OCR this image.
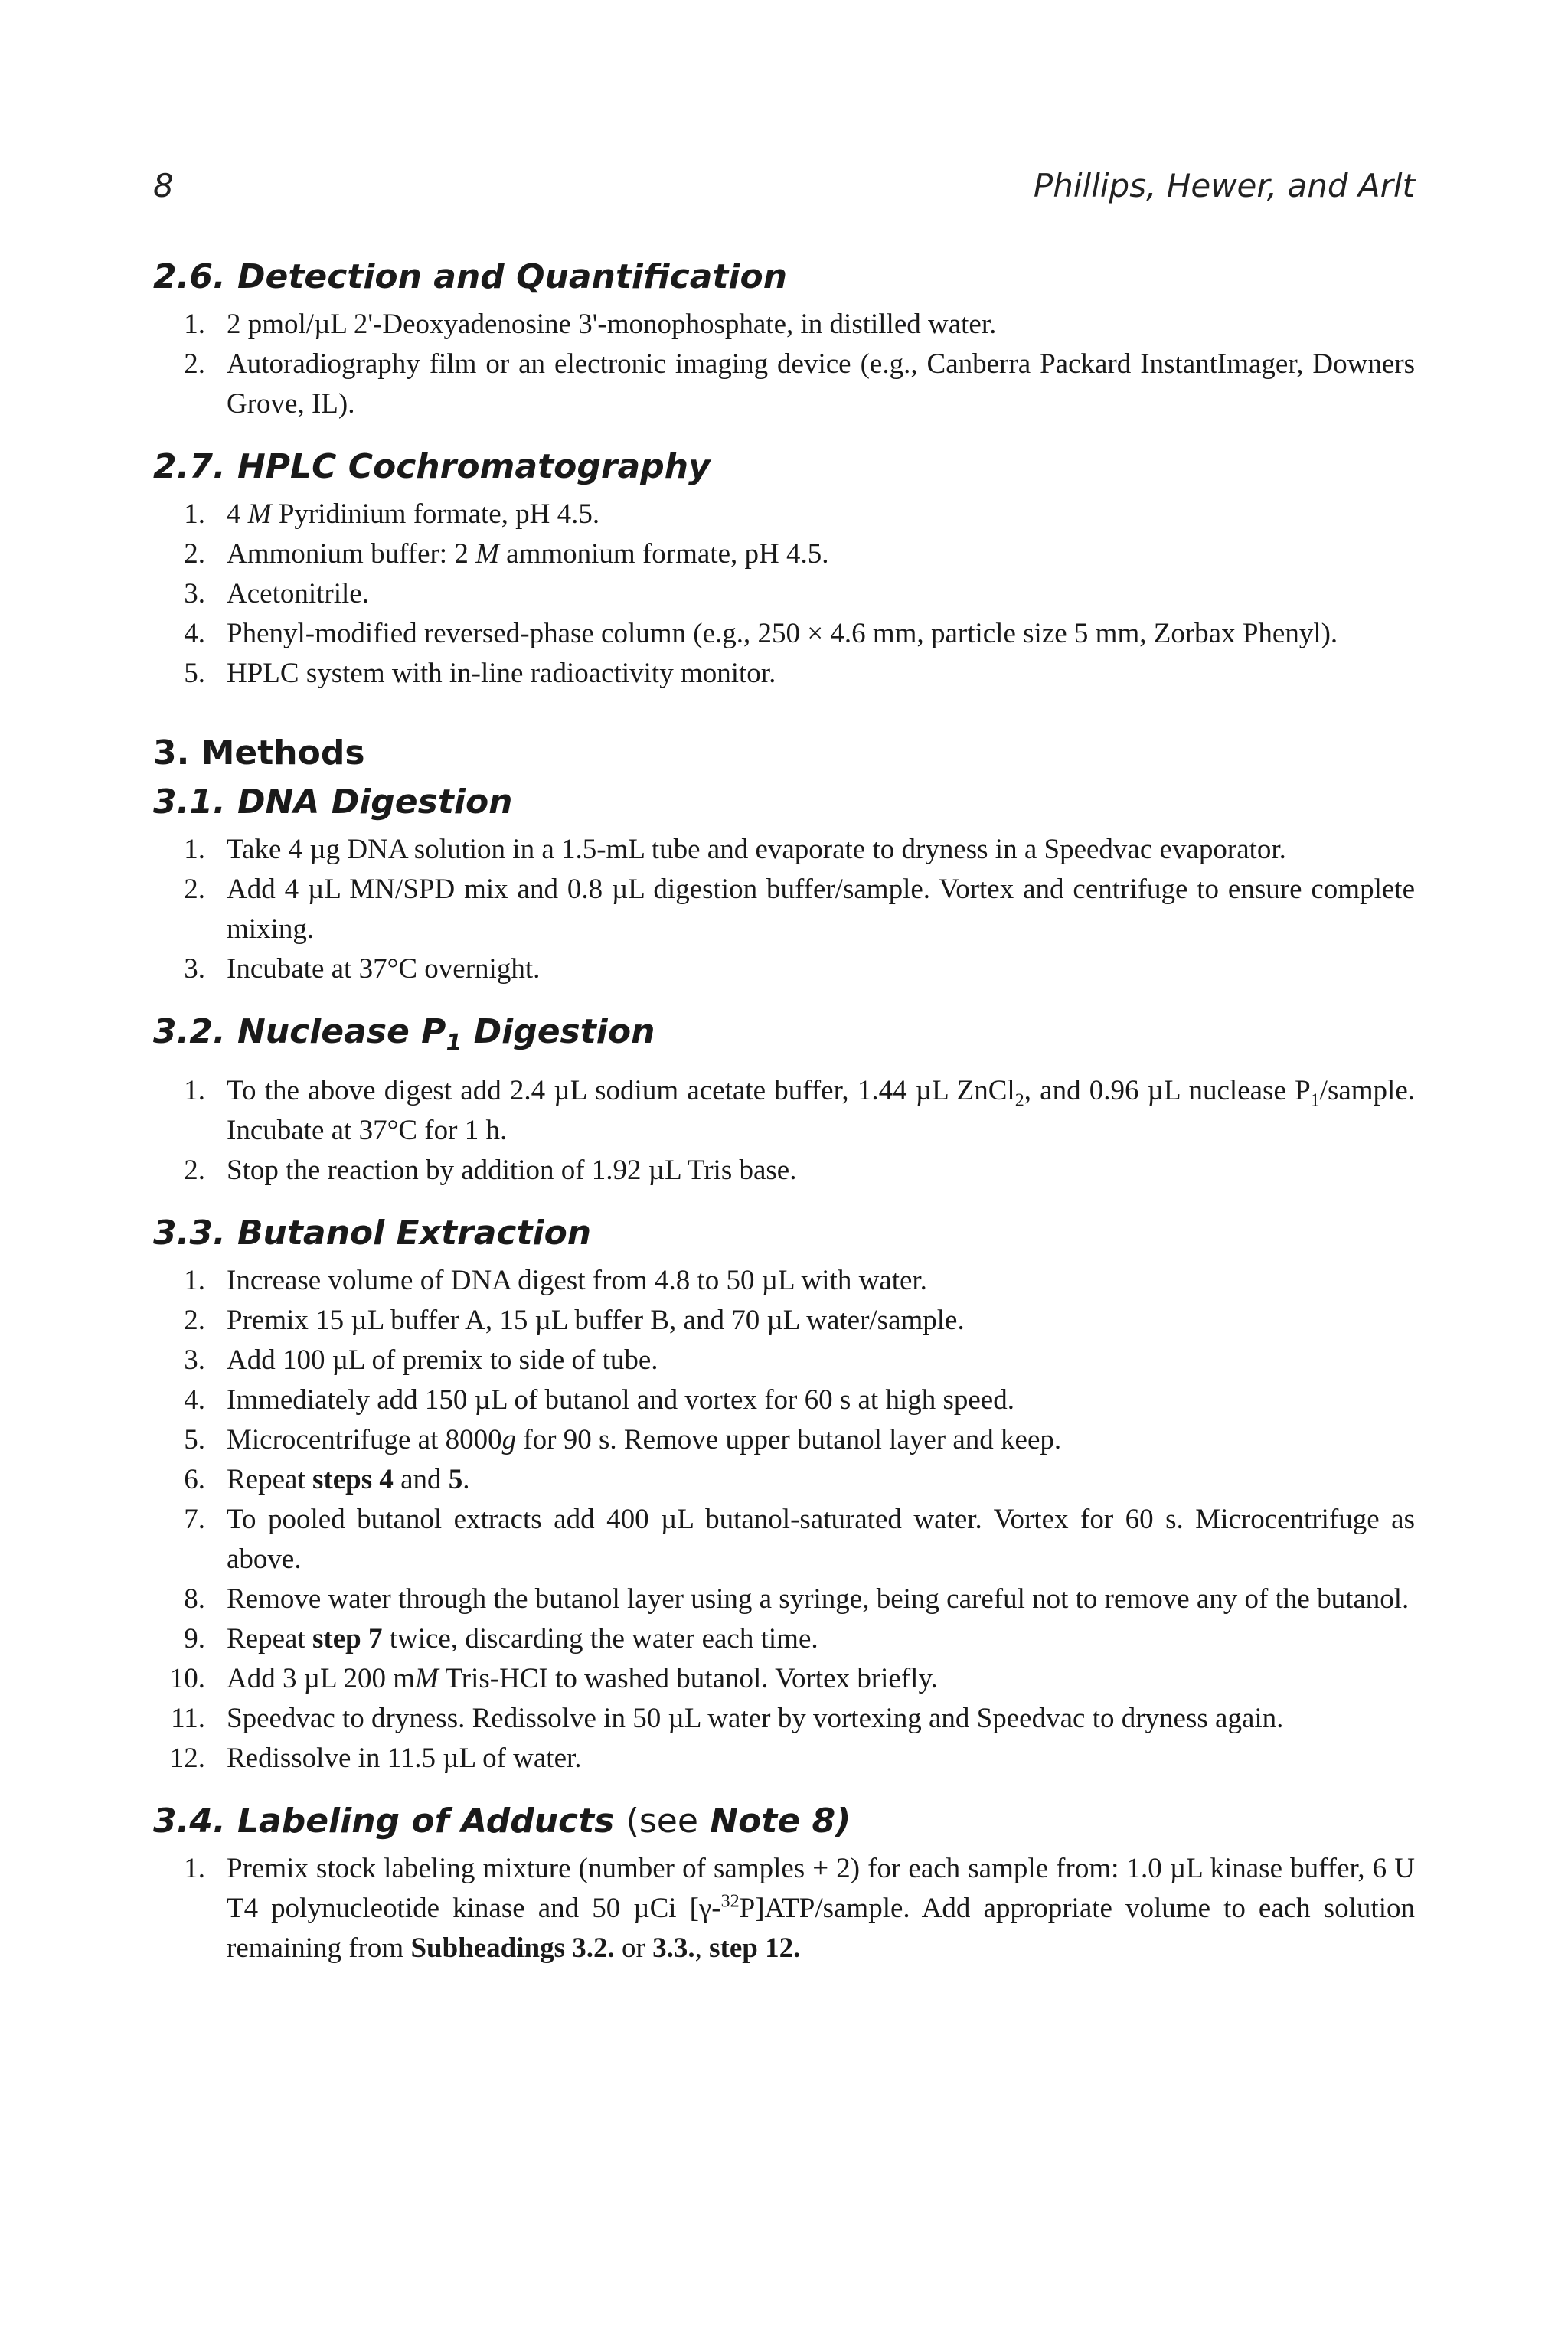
8	Phillips, Hewer, and Arlt
2.6. Detection and Quantification
1. 2 pmol/µL 2'-Deoxyadenosine 3'-monophosphate, in distilled water.
2. Autoradiography film or an electronic imaging device (e.g., Canberra Packard InstantImager, Downers Grove, IL).
2.7. HPLC Cochromatography
1. 4 M Pyridinium formate, pH 4.5.
2. Ammonium buffer: 2 M ammonium formate, pH 4.5.
3. Acetonitrile.
4. Phenyl-modified reversed-phase column (e.g., 250 × 4.6 mm, particle size 5 mm, Zorbax Phenyl).
5. HPLC system with in-line radioactivity monitor.
3. Methods
3.1. DNA Digestion
1. Take 4 µg DNA solution in a 1.5-mL tube and evaporate to dryness in a Speedvac evaporator.
2. Add 4 µL MN/SPD mix and 0.8 µL digestion buffer/sample. Vortex and centrifuge to ensure complete mixing.
3. Incubate at 37°C overnight.
3.2. Nuclease $P_1$ Digestion
1. To the above digest add 2.4 µL sodium acetate buffer, 1.44 µL ZnCl$_2$, and 0.96 µL nuclease $P_1$/sample. Incubate at 37°C for 1 h.
2. Stop the reaction by addition of 1.92 µL Tris base.
3.3. Butanol Extraction
1. Increase volume of DNA digest from 4.8 to 50 µL with water.
2. Premix 15 µL buffer A, 15 µL buffer B, and 70 µL water/sample.
3. Add 100 µL of premix to side of tube.
4. Immediately add 150 µL of butanol and vortex for 60 s at high speed.
5. Microcentrifuge at 8000g for 90 s. Remove upper butanol layer and keep.
6. Repeat steps 4 and 5.
7. To pooled butanol extracts add 400 µL butanol-saturated water. Vortex for 60 s. Microcentrifuge as above.
8. Remove water through the butanol layer using a syringe, being careful not to remove any of the butanol.
9. Repeat step 7 twice, discarding the water each time.
10. Add 3 µL 200 mM Tris-HCI to washed butanol. Vortex briefly.
11. Speedvac to dryness. Redissolve in 50 µL water by vortexing and Speedvac to dryness again.
12. Redissolve in 11.5 µL of water.
3.4. Labeling of Adducts (see Note 8)
1. Premix stock labeling mixture (number of samples + 2) for each sample from: 1.0 µL kinase buffer, 6 U T4 polynucleotide kinase and 50 µCi [γ-$^{32}$P]ATP/sample. Add appropriate volume to each solution remaining from Subheadings 3.2. or 3.3., step 12.
